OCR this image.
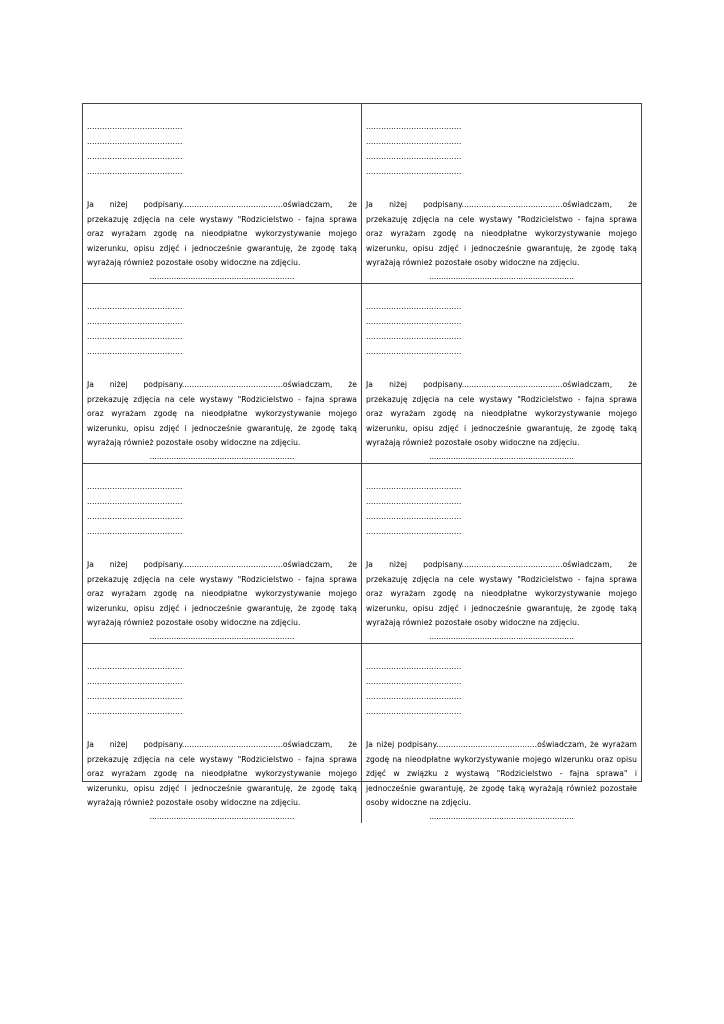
......................................
......................................
......................................
......................................
Ja niżej podpisany.........................................oświadczam, że przekazuję zdjęcia na cele wystawy "Rodzicielstwo - fajna sprawa oraz wyrażam zgodę na nieodpłatne wykorzystywanie mojego wizerunku, opisu zdjęć i jednocześnie gwarantuję, że zgodę taką wyrażają również pozostałe osoby widoczne na zdjęciu.
............................................................
......................................
......................................
......................................
......................................
Ja niżej podpisany.........................................oświadczam, że przekazuję zdjęcia na cele wystawy "Rodzicielstwo - fajna sprawa oraz wyrażam zgodę na nieodpłatne wykorzystywanie mojego wizerunku, opisu zdjęć i jednocześnie gwarantuję, że zgodę taką wyrażają również pozostałe osoby widoczne na zdjęciu.
............................................................
......................................
......................................
......................................
......................................
Ja niżej podpisany.........................................oświadczam, że przekazuję zdjęcia na cele wystawy "Rodzicielstwo - fajna sprawa oraz wyrażam zgodę na nieodpłatne wykorzystywanie mojego wizerunku, opisu zdjęć i jednocześnie gwarantuję, że zgodę taką wyrażają również pozostałe osoby widoczne na zdjęciu.
............................................................
......................................
......................................
......................................
......................................
Ja niżej podpisany.........................................oświadczam, że przekazuję zdjęcia na cele wystawy "Rodzicielstwo - fajna sprawa oraz wyrażam zgodę na nieodpłatne wykorzystywanie mojego wizerunku, opisu zdjęć i jednocześnie gwarantuję, że zgodę taką wyrażają również pozostałe osoby widoczne na zdjęciu.
............................................................
......................................
......................................
......................................
......................................
Ja niżej podpisany.........................................oświadczam, że przekazuję zdjęcia na cele wystawy "Rodzicielstwo - fajna sprawa oraz wyrażam zgodę na nieodpłatne wykorzystywanie mojego wizerunku, opisu zdjęć i jednocześnie gwarantuję, że zgodę taką wyrażają również pozostałe osoby widoczne na zdjęciu.
............................................................
......................................
......................................
......................................
......................................
Ja niżej podpisany.........................................oświadczam, że przekazuję zdjęcia na cele wystawy "Rodzicielstwo - fajna sprawa oraz wyrażam zgodę na nieodpłatne wykorzystywanie mojego wizerunku, opisu zdjęć i jednocześnie gwarantuję, że zgodę taką wyrażają również pozostałe osoby widoczne na zdjęciu.
............................................................
......................................
......................................
......................................
......................................
Ja niżej podpisany.........................................oświadczam, że przekazuję zdjęcia na cele wystawy "Rodzicielstwo - fajna sprawa oraz wyrażam zgodę na nieodpłatne wykorzystywanie mojego wizerunku, opisu zdjęć i jednocześnie gwarantuję, że zgodę taką wyrażają również pozostałe osoby widoczne na zdjęciu.
............................................................
......................................
......................................
......................................
......................................
Ja niżej podpisany.........................................oświadczam, że wyrażam zgodę na nieodpłatne wykorzystywanie mojego wizerunku oraz opisu zdjęć w związku z wystawą "Rodzicielstwo - fajna sprawa" i jednocześnie gwarantuję, że zgodę taką wyrażają również pozostałe osoby widoczne na zdjęciu.
............................................................
